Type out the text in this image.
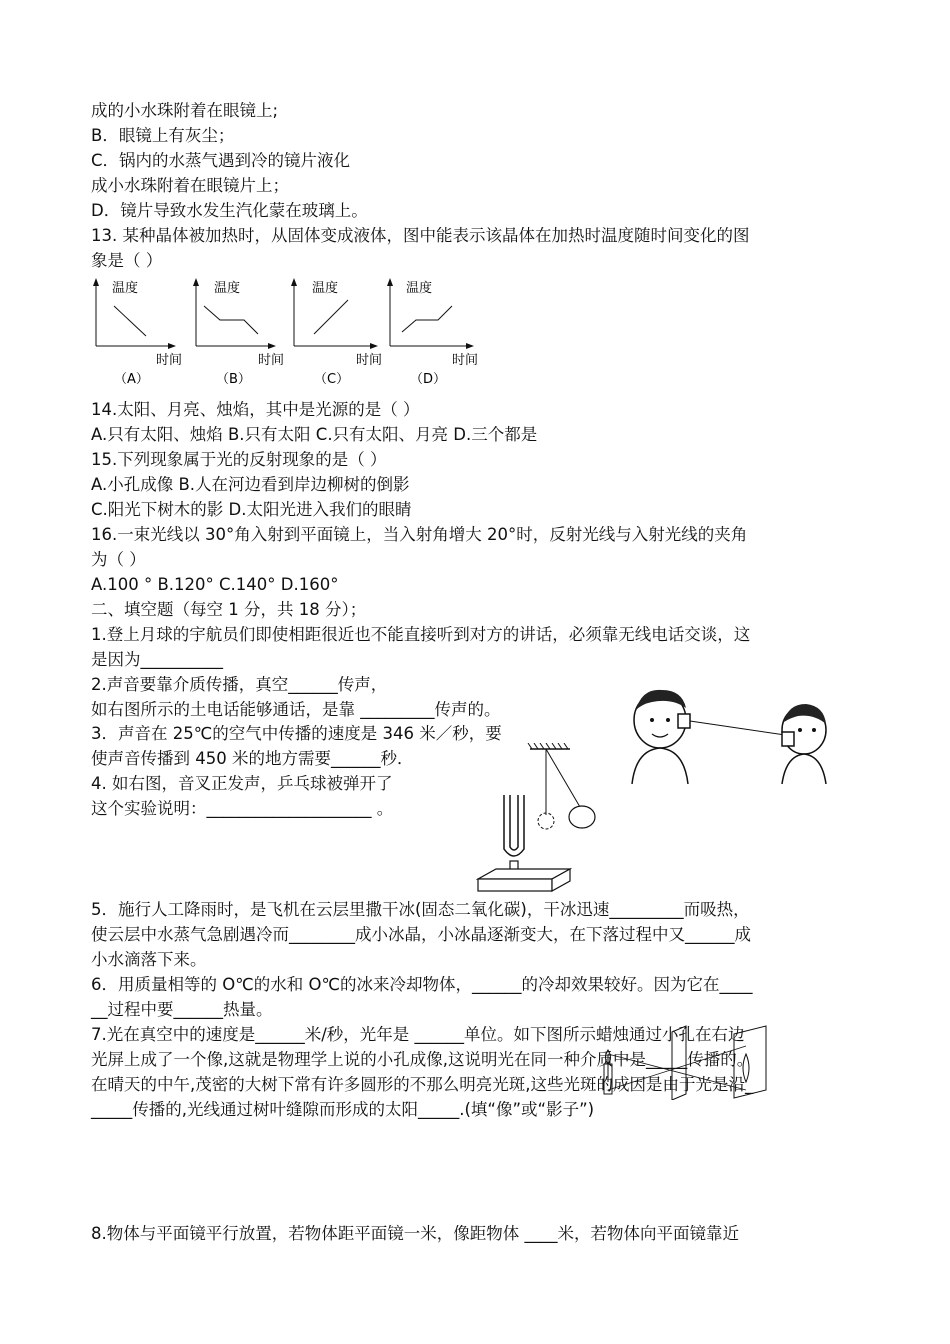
成的小水珠附着在眼镜上;
B．眼镜上有灰尘；
C．锅内的水蒸气遇到冷的镜片液化
成小水珠附着在眼镜片上；
D．镜片导致水发生汽化蒙在玻璃上。
13. 某种晶体被加热时，从固体变成液体，图中能表示该晶体在加热时温度随时间变化的图
象是（ ）
温度
时间
（A）
温度
时间
（B）
温度
时间
（C）
温度
时间
（D）
14.太阳、月亮、烛焰，其中是光源的是（ ）
A.只有太阳、烛焰 B.只有太阳 C.只有太阳、月亮 D.三个都是
15.下列现象属于光的反射现象的是（ ）
A.小孔成像 B.人在河边看到岸边柳树的倒影
C.阳光下树木的影 D.太阳光进入我们的眼睛
16.一束光线以 30°角入射到平面镜上，当入射角增大 20°时，反射光线与入射光线的夹角
为（ ）
A.100 ° B.120° C.140° D.160°
二、填空题（每空 1 分，共 18 分）；
1.登上月球的宇航员们即使相距很近也不能直接听到对方的讲话，必须靠无线电话交谈，这
是因为__________
2.声音要靠介质传播，真空______传声，
如右图所示的土电话能够通话，是靠 _________传声的。
3．声音在 25℃的空气中传播的速度是 346 米／秒，要
使声音传播到 450 米的地方需要______秒．
4. 如右图，音叉正发声，乒乓球被弹开了
这个实验说明：____________________ 。
5．施行人工降雨时，是飞机在云层里撒干冰(固态二氧化碳)，干冰迅速_________而吸热，
使云层中水蒸气急剧遇冷而________成小冰晶，小冰晶逐渐变大，在下落过程中又______成
小水滴落下来。
6．用质量相等的 O℃的水和 O℃的冰来冷却物体，______的冷却效果较好。因为它在____
__过程中要______热量。
7.光在真空中的速度是______米/秒，光年是 ______单位。如下图所示蜡烛通过小孔在右边
光屏上成了一个像,这就是物理学上说的小孔成像,这说明光在同一种介质中是_____传播的。
在晴天的中午,茂密的大树下常有许多圆形的不那么明亮光斑,这些光斑的成因是由于光是沿_
_____传播的,光线通过树叶缝隙而形成的太阳_____.(填“像”或“影子”)
8.物体与平面镜平行放置，若物体距平面镜一米，像距物体 ____米，若物体向平面镜靠近
